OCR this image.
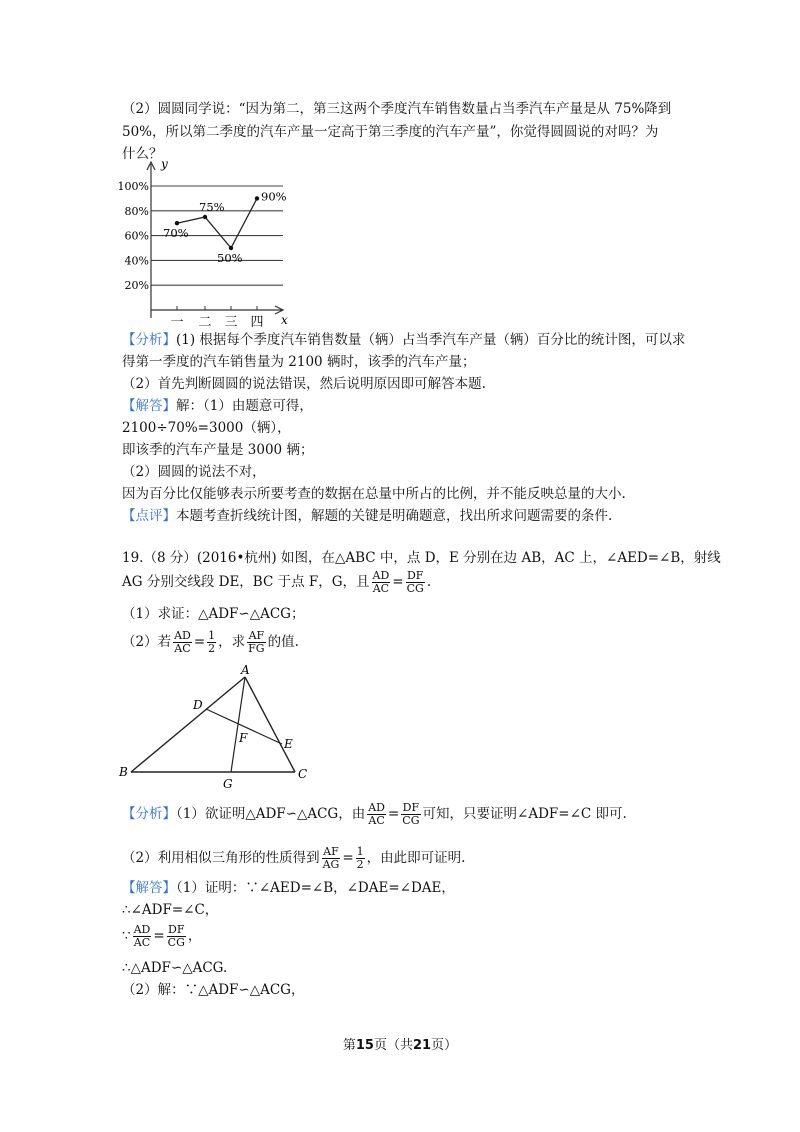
（2）圆圆同学说：“因为第二，第三这两个季度汽车销售数量占当季汽车产量是从 75%降到
50%，所以第二季度的汽车产量一定高于第三季度的汽车产量”，你觉得圆圆说的对吗？为
什么？
y
x
20%
40%
60%
80%
100%
一 二 三 四
70%
75%
50%
90%
【分析】(1) 根据每个季度汽车销售数量（辆）占当季汽车产量（辆）百分比的统计图，可以求
得第一季度的汽车销售量为 2100 辆时，该季的汽车产量；
（2）首先判断圆圆的说法错误，然后说明原因即可解答本题.
【解答】解：（1）由题意可得，
2100÷70%=3000（辆），
即该季的汽车产量是 3000 辆；
（2）圆圆的说法不对，
因为百分比仅能够表示所要考查的数据在总量中所占的比例，并不能反映总量的大小.
【点评】本题考查折线统计图，解题的关键是明确题意，找出所求问题需要的条件.
19.（8 分）(2016•杭州) 如图，在△ABC 中，点 D，E 分别在边 AB，AC 上，∠AED=∠B，射线
AG 分别交线段 DE，BC 于点 F，G，且 $\frac{AD}{AC} = \frac{DF}{CG}$ .
（1）求证：△ADF∽△ACG；
（2）若 $\frac{AD}{AC} = \frac{1}{2}$ ，求 $\frac{AF}{FG}$ 的值.
A
B	C
D
E
F
G
【分析】（1）欲证明△ADF∽△ACG，由 $\frac{AD}{AC} = \frac{DF}{CG}$ 可知，只要证明∠ADF=∠C 即可.
（2）利用相似三角形的性质得到 $\frac{AF}{AG} = \frac{1}{2}$ ，由此即可证明.
【解答】（1）证明：∵∠AED=∠B，∠DAE=∠DAE，
∴∠ADF=∠C，
∵ $\frac{AD}{AC} = \frac{DF}{CG}$ ，
∴△ADF∽△ACG.
（2）解：∵△ADF∽△ACG，
第15页（共21页）
